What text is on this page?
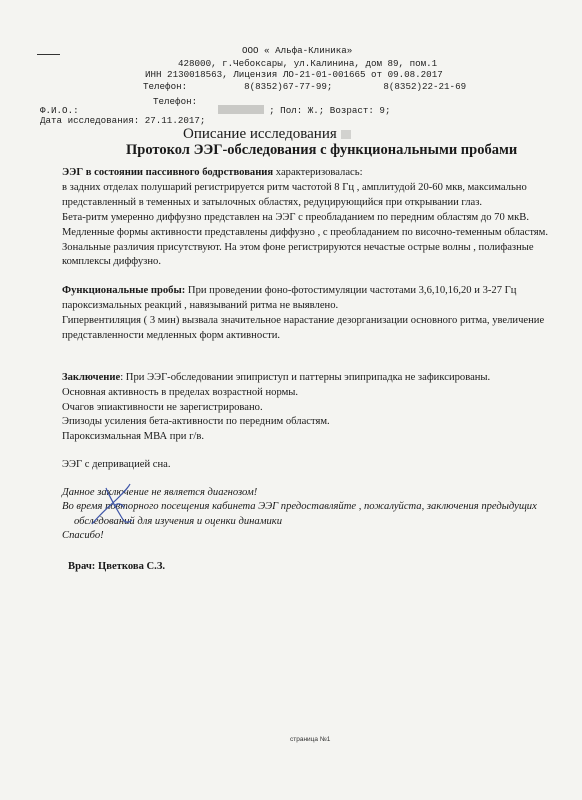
ООО « Альфа-Клиника»
428000, г.Чебоксары, ул.Калинина, дом 89, пом.1
ИНН 2130018563, Лицензия ЛО-21-01-001665 от 09.08.2017
Телефон:	8(8352)67-77-99;	8(8352)22-21-69
Телефон:
Ф.И.О.:	; Пол: Ж.; Возраст: 9;
Дата исследования: 27.11.2017;
Описание исследования
Протокол ЭЭГ-обследования с функциональными пробами
ЭЭГ в состоянии пассивного бодрствования характеризовалась:
в задних отделах полушарий регистрируется ритм частотой 8 Гц , амплитудой 20-60 мкв, максимально
представленный в теменных и затылочных областях, редуцирующийся при открывании глаз.
Бета-ритм умеренно диффузно представлен на ЭЭГ с преобладанием по передним областям до 70 мкВ.
Медленные формы активности представлены диффузно , с преобладанием по височно-теменным областям.
Зональные различия присутствуют. На этом фоне регистрируются нечастые острые волны , полифазные
комплексы диффузно.
Функциональные пробы: При проведении фоно-фотостимуляции частотами 3,6,10,16,20 и 3-27 Гц
пароксизмальных реакций , навязываний ритма не выявлено.
Гипервентиляция ( 3 мин) вызвала значительное нарастание дезорганизации основного ритма, увеличение
представленности медленных форм активности.
Заключение: При ЭЭГ-обследовании эпиприступ и паттерны эпиприпадка не зафиксированы.
Основная активность в пределах возрастной нормы.
Очагов эпиактивности не зарегистрировано.
Эпизоды усиления бета-активности по передним областям.
Пароксизмальная МВА при г/в.
ЭЭГ с депривацией сна.
Данное заключение не является диагнозом!
Во время повторного посещения кабинета ЭЭГ предоставляйте , пожалуйста, заключения предыдущих
обследований для изучения и оценки динамики
Спасибо!
Врач: Цветкова С.З.
страница №1
